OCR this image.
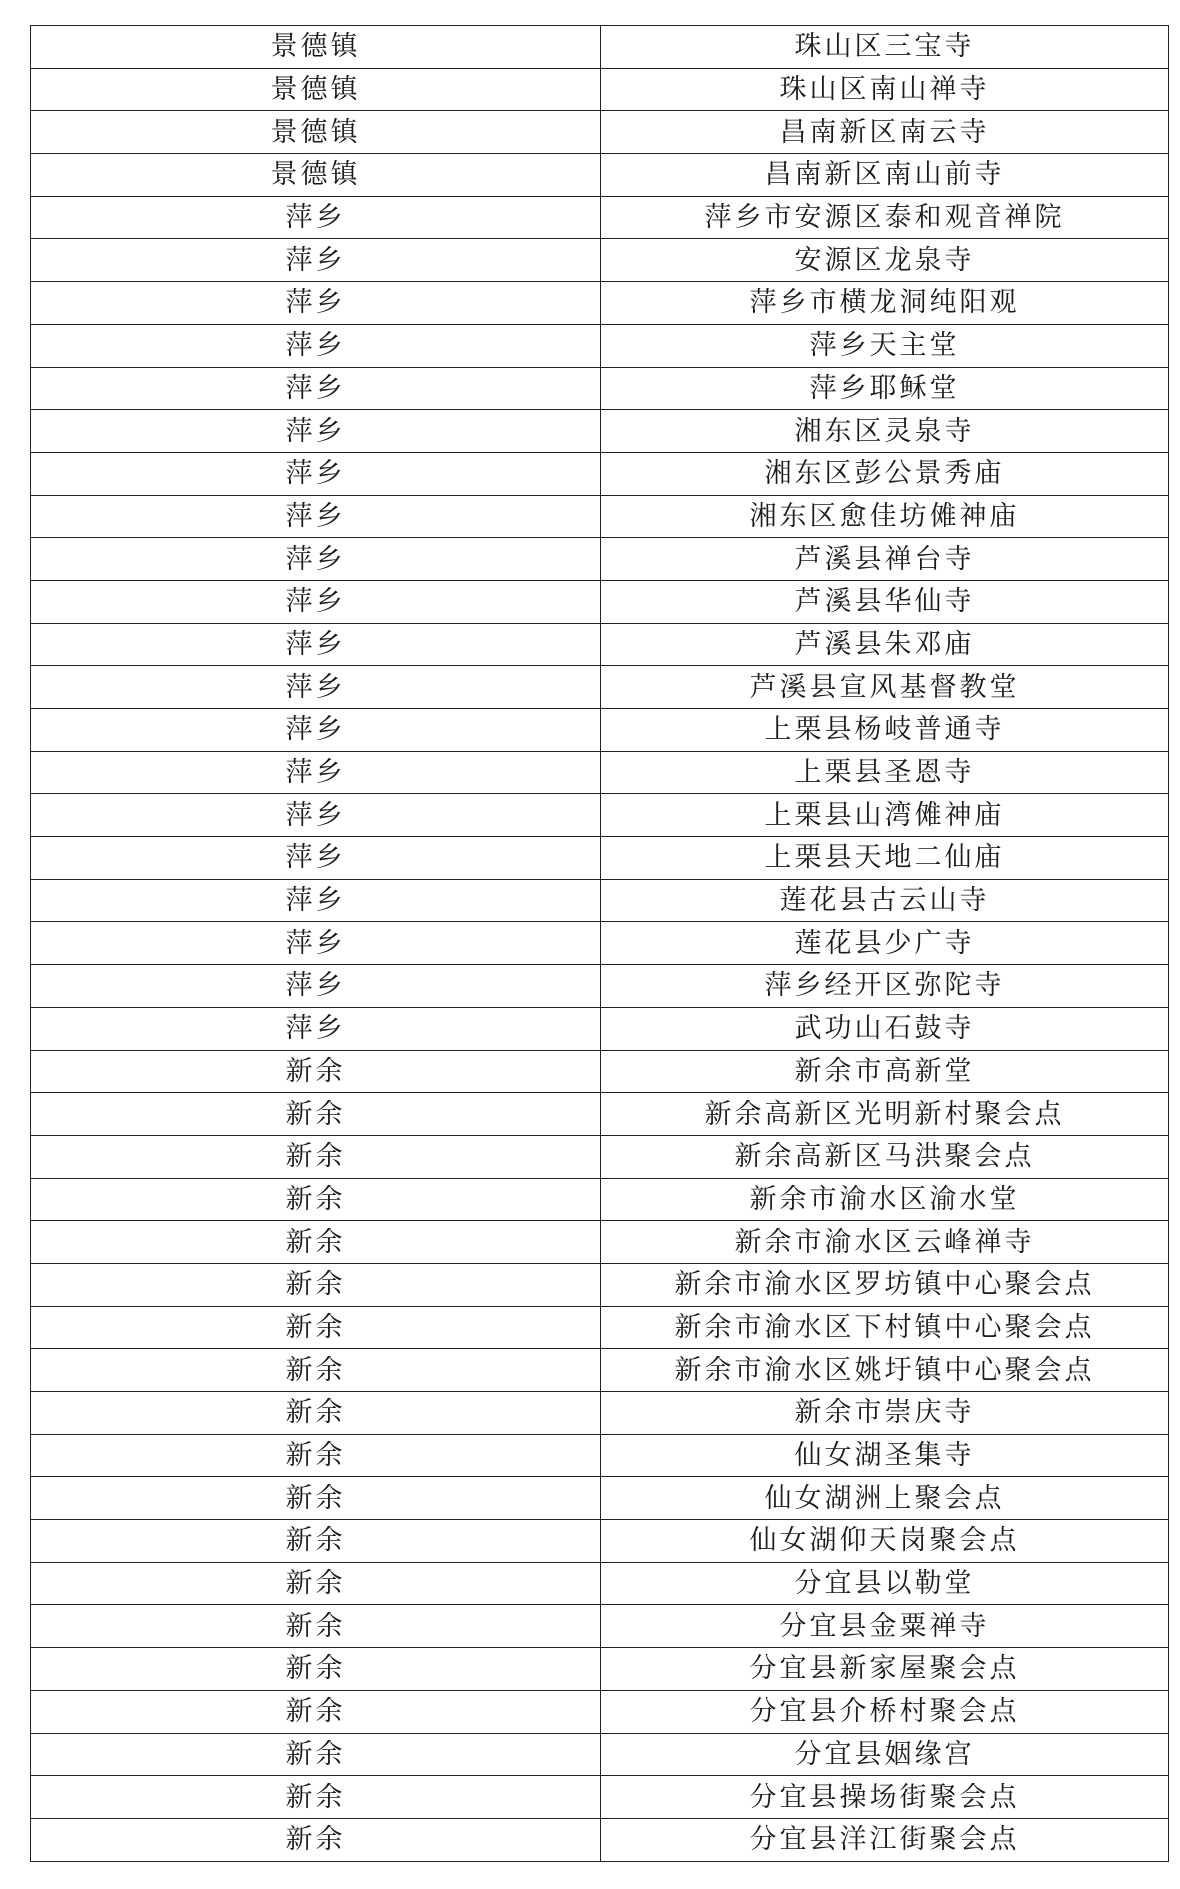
景德镇	珠山区三宝寺
景德镇	珠山区南山禅寺
景德镇	昌南新区南云寺
景德镇	昌南新区南山前寺
萍乡	萍乡市安源区泰和观音禅院
萍乡	安源区龙泉寺
萍乡	萍乡市横龙洞纯阳观
萍乡	萍乡天主堂
萍乡	萍乡耶稣堂
萍乡	湘东区灵泉寺
萍乡	湘东区彭公景秀庙
萍乡	湘东区愈佳坊傩神庙
萍乡	芦溪县禅台寺
萍乡	芦溪县华仙寺
萍乡	芦溪县朱邓庙
萍乡	芦溪县宣风基督教堂
萍乡	上栗县杨岐普通寺
萍乡	上栗县圣恩寺
萍乡	上栗县山湾傩神庙
萍乡	上栗县天地二仙庙
萍乡	莲花县古云山寺
萍乡	莲花县少广寺
萍乡	萍乡经开区弥陀寺
萍乡	武功山石鼓寺
新余	新余市高新堂
新余	新余高新区光明新村聚会点
新余	新余高新区马洪聚会点
新余	新余市渝水区渝水堂
新余	新余市渝水区云峰禅寺
新余	新余市渝水区罗坊镇中心聚会点
新余	新余市渝水区下村镇中心聚会点
新余	新余市渝水区姚圩镇中心聚会点
新余	新余市崇庆寺
新余	仙女湖圣集寺
新余	仙女湖洲上聚会点
新余	仙女湖仰天岗聚会点
新余	分宜县以勒堂
新余	分宜县金粟禅寺
新余	分宜县新家屋聚会点
新余	分宜县介桥村聚会点
新余	分宜县姻缘宫
新余	分宜县操场街聚会点
新余	分宜县洋江街聚会点
